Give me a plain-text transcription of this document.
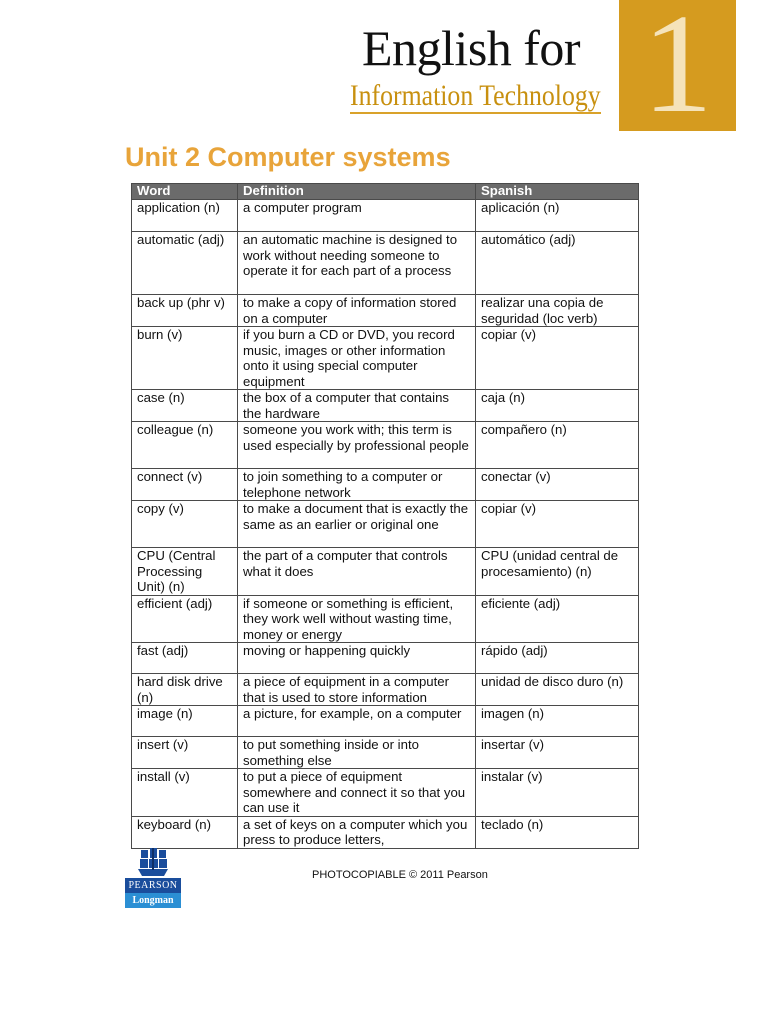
English for
Information Technology 1
Unit 2 Computer systems
Word	Definition	Spanish
application (n)	a computer program	aplicación (n)
automatic (adj)	an automatic machine is designed to work without needing someone to operate it for each part of a process	automático (adj)
back up (phr v)	to make a copy of information stored on a computer	realizar una copia de seguridad (loc verb)
burn (v)	if you burn a CD or DVD, you record music, images or other information onto it using special computer equipment	copiar (v)
case (n)	the box of a computer that contains the hardware	caja (n)
colleague (n)	someone you work with; this term is used especially by professional people	compañero (n)
connect (v)	to join something to a computer or telephone network	conectar (v)
copy (v)	to make a document that is exactly the same as an earlier or original one	copiar (v)
CPU (Central Processing Unit) (n)	the part of a computer that controls what it does	CPU (unidad central de procesamiento) (n)
efficient (adj)	if someone or something is efficient, they work well without wasting time, money or energy	eficiente (adj)
fast (adj)	moving or happening quickly	rápido (adj)
hard disk drive (n)	a piece of equipment in a computer that is used to store information	unidad de disco duro (n)
image (n)	a picture, for example, on a computer	imagen (n)
insert (v)	to put something inside or into something else	insertar (v)
install (v)	to put a piece of equipment somewhere and connect it so that you can use it	instalar (v)
keyboard (n)	a set of keys on a computer which you press to produce letters,	teclado (n)
PEARSON
Longman
PHOTOCOPIABLE © 2011 Pearson
